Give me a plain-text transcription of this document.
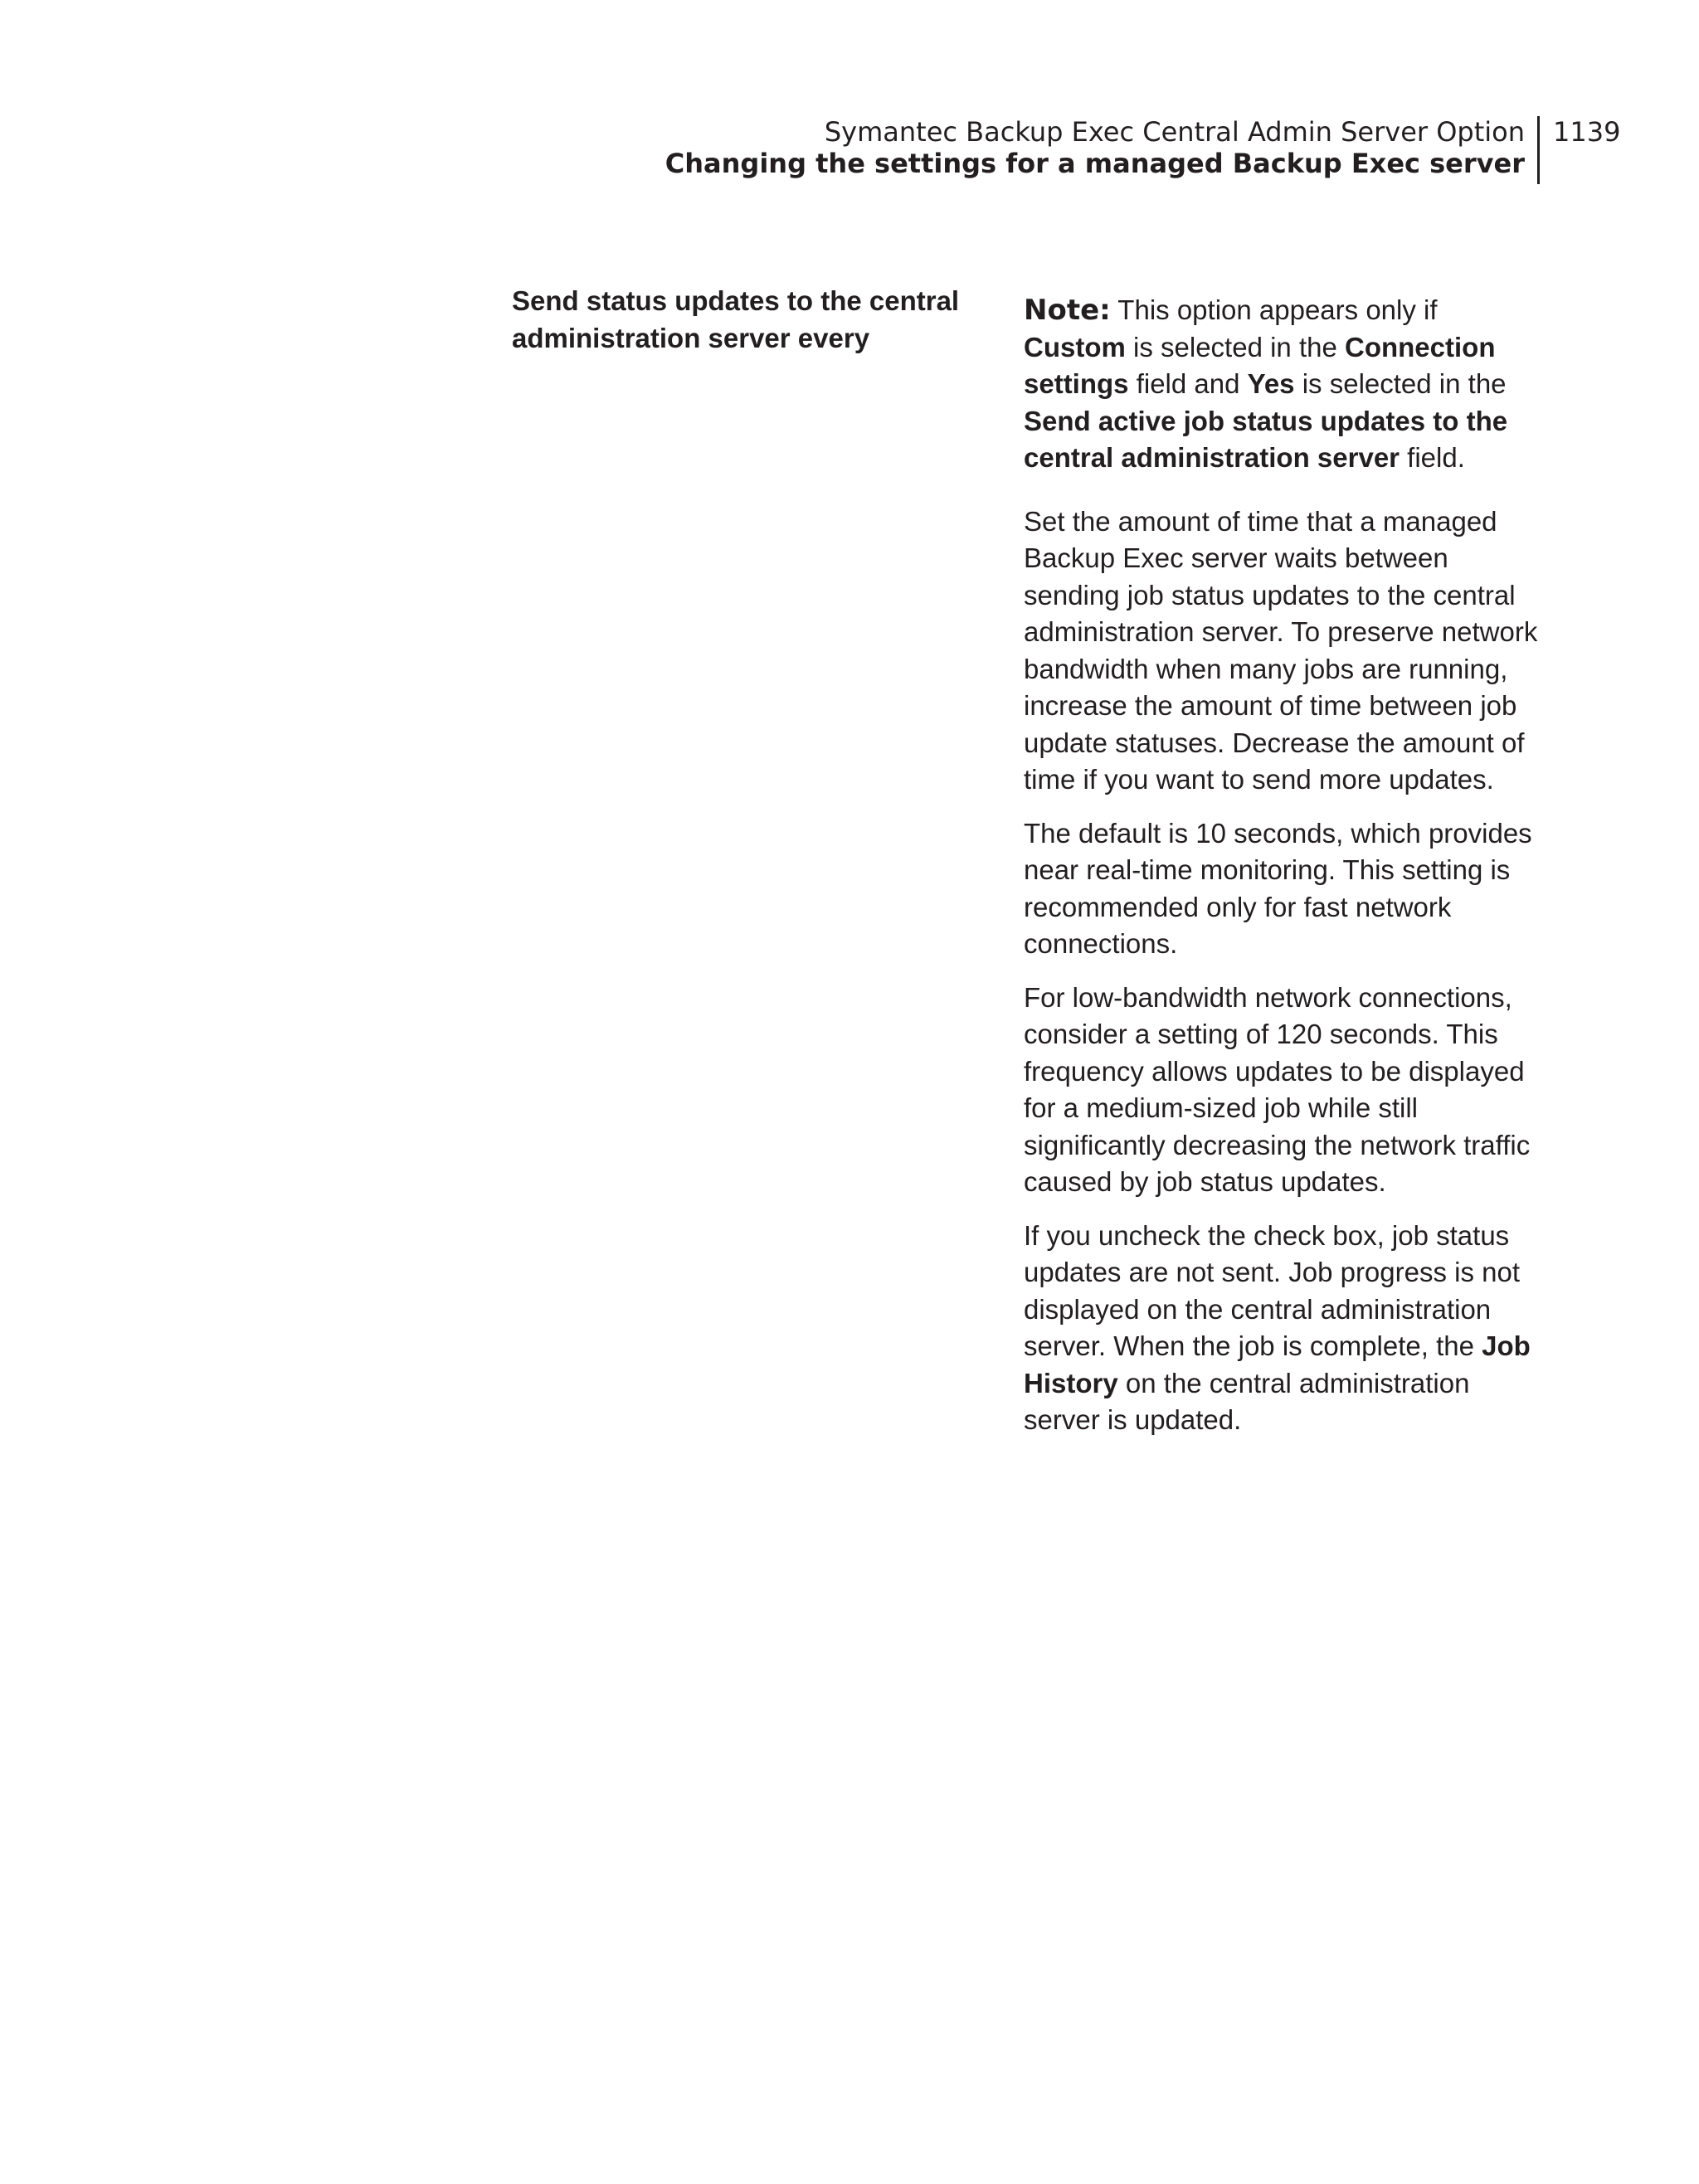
Symantec Backup Exec Central Admin Server Option
Changing the settings for a managed Backup Exec server
1139
Send status updates to the central administration server every

Note: This option appears only if Custom is selected in the Connection settings field and Yes is selected in the Send active job status updates to the central administration server field.

Set the amount of time that a managed Backup Exec server waits between sending job status updates to the central administration server. To preserve network bandwidth when many jobs are running, increase the amount of time between job update statuses. Decrease the amount of time if you want to send more updates.

The default is 10 seconds, which provides near real-time monitoring. This setting is recommended only for fast network connections.

For low-bandwidth network connections, consider a setting of 120 seconds. This frequency allows updates to be displayed for a medium-sized job while still significantly decreasing the network traffic caused by job status updates.

If you uncheck the check box, job status updates are not sent. Job progress is not displayed on the central administration server. When the job is complete, the Job History on the central administration server is updated.
